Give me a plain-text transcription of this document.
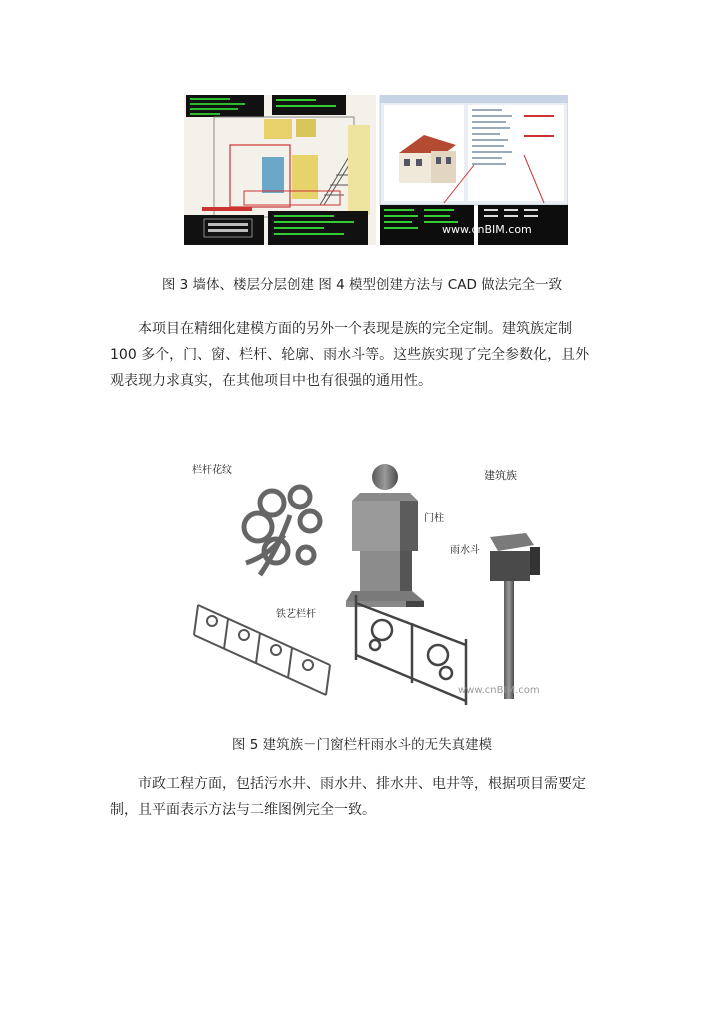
www.cnBIM.com
图 3 墙体、楼层分层创建 图 4 模型创建方法与 CAD 做法完全一致
本项目在精细化建模方面的另外一个表现是族的完全定制。建筑族定制
100 多个，门、窗、栏杆、轮廓、雨水斗等。这些族实现了完全参数化，且外
观表现力求真实，在其他项目中也有很强的通用性。
栏杆花纹	建筑族
门柱
雨水斗
铁艺栏杆
www.cnBIM.com
图 5 建筑族－门窗栏杆雨水斗的无失真建模
市政工程方面，包括污水井、雨水井、排水井、电井等，根据项目需要定
制，且平面表示方法与二维图例完全一致。
